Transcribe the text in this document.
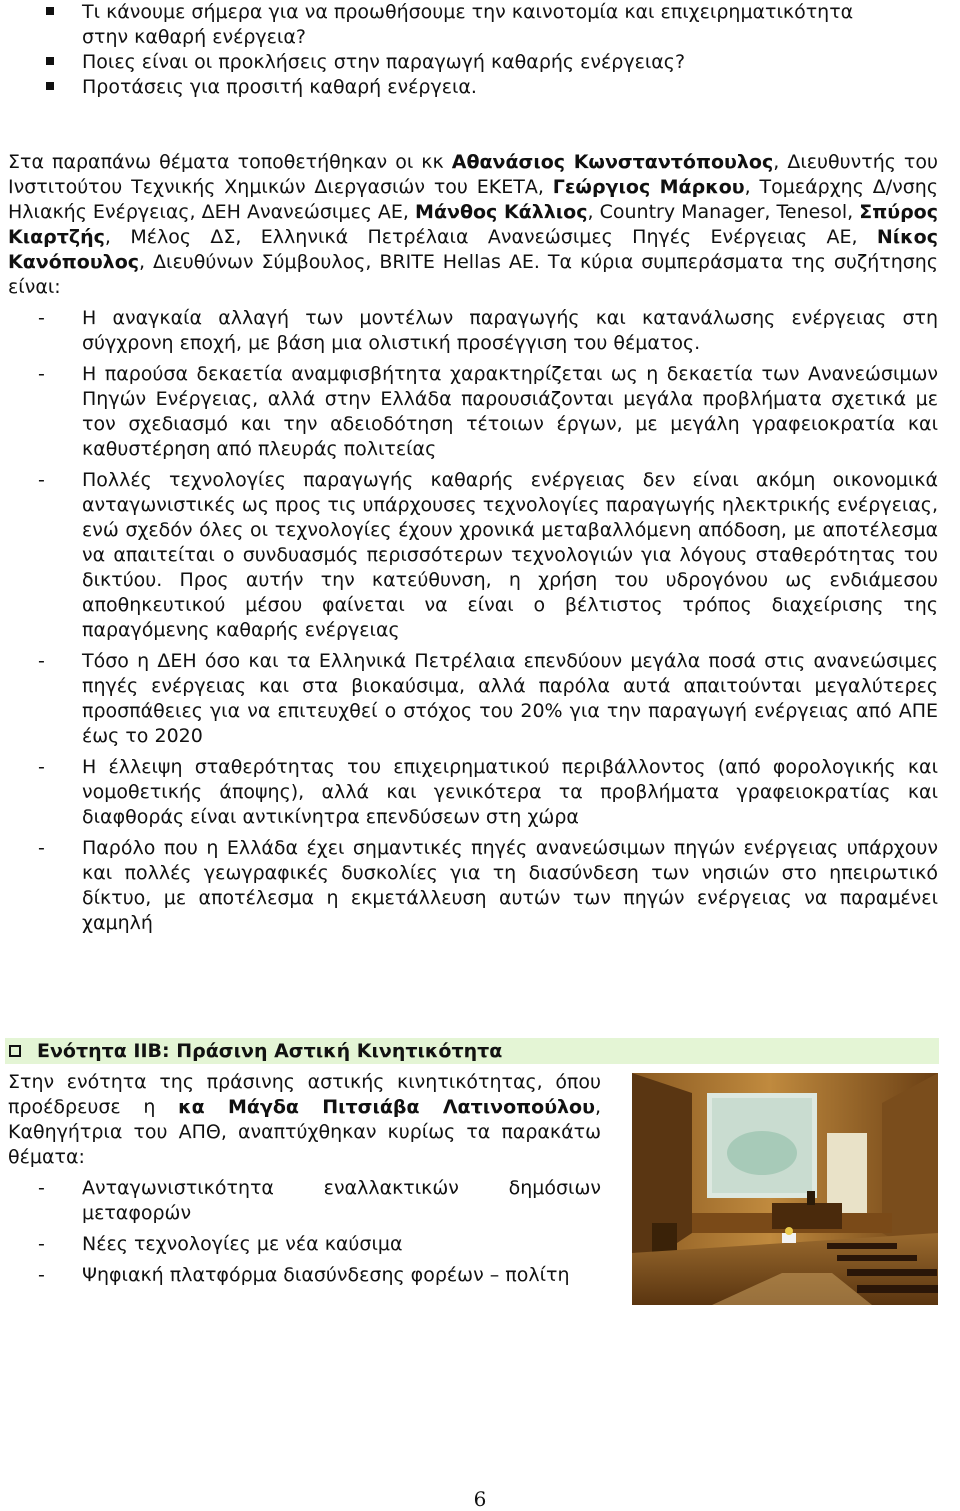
Τι κάνουμε σήμερα για να προωθήσουμε την καινοτομία και επιχειρηματικότητα
στην καθαρή ενέργεια?
Ποιες είναι οι προκλήσεις στην παραγωγή καθαρής ενέργειας?
Προτάσεις για προσιτή καθαρή ενέργεια.

Στα παραπάνω θέματα τοποθετήθηκαν οι κκ Αθανάσιος Κωνσταντόπουλος, Διευθυντής του Ινστιτούτου Τεχνικής Χημικών Διεργασιών του ΕΚΕΤΑ, Γεώργιος Μάρκου, Τομεάρχης Δ/νσης Ηλιακής Ενέργειας, ΔΕΗ Ανανεώσιμες ΑΕ, Μάνθος Κάλλιος, Country Manager, Tenesol, Σπύρος Κιαρτζής, Μέλος ΔΣ, Ελληνικά Πετρέλαια Ανανεώσιμες Πηγές Ενέργειας ΑΕ, Νίκος Κανόπουλος, Διευθύνων Σύμβουλος, BRITE Hellas AE. Τα κύρια συμπεράσματα της συζήτησης είναι:

- Η αναγκαία αλλαγή των μοντέλων παραγωγής και κατανάλωσης ενέργειας στη σύγχρονη εποχή, με βάση μια ολιστική προσέγγιση του θέματος.
- Η παρούσα δεκαετία αναμφισβήτητα χαρακτηρίζεται ως η δεκαετία των Ανανεώσιμων Πηγών Ενέργειας, αλλά στην Ελλάδα παρουσιάζονται μεγάλα προβλήματα σχετικά με τον σχεδιασμό και την αδειοδότηση τέτοιων έργων, με μεγάλη γραφειοκρατία και καθυστέρηση από πλευράς πολιτείας
- Πολλές τεχνολογίες παραγωγής καθαρής ενέργειας δεν είναι ακόμη οικονομικά ανταγωνιστικές ως προς τις υπάρχουσες τεχνολογίες παραγωγής ηλεκτρικής ενέργειας, ενώ σχεδόν όλες οι τεχνολογίες έχουν χρονικά μεταβαλλόμενη απόδοση, με αποτέλεσμα να απαιτείται ο συνδυασμός περισσότερων τεχνολογιών για λόγους σταθερότητας του δικτύου. Προς αυτήν την κατεύθυνση, η χρήση του υδρογόνου ως ενδιάμεσου αποθηκευτικού μέσου φαίνεται να είναι ο βέλτιστος τρόπος διαχείρισης της παραγόμενης καθαρής ενέργειας
- Τόσο η ΔΕΗ όσο και τα Ελληνικά Πετρέλαια επενδύουν μεγάλα ποσά στις ανανεώσιμες πηγές ενέργειας και στα βιοκαύσιμα, αλλά παρόλα αυτά απαιτούνται μεγαλύτερες προσπάθειες για να επιτευχθεί ο στόχος του 20% για την παραγωγή ενέργειας από ΑΠΕ έως το 2020
- Η έλλειψη σταθερότητας του επιχειρηματικού περιβάλλοντος (από φορολογικής και νομοθετικής άποψης), αλλά και γενικότερα τα προβλήματα γραφειοκρατίας και διαφθοράς είναι αντικίνητρα επενδύσεων στη χώρα
- Παρόλο που η Ελλάδα έχει σημαντικές πηγές ανανεώσιμων πηγών ενέργειας υπάρχουν και πολλές γεωγραφικές δυσκολίες για τη διασύνδεση των νησιών στο ηπειρωτικό δίκτυο, με αποτέλεσμα η εκμετάλλευση αυτών των πηγών ενέργειας να παραμένει χαμηλή
Ενότητα ΙΙΒ: Πράσινη Αστική Κινητικότητα

Στην ενότητα της πράσινης αστικής κινητικότητας, όπου προέδρευσε η κα Μάγδα Πιτσιάβα Λατινοπούλου, Καθηγήτρια του ΑΠΘ, αναπτύχθηκαν κυρίως τα παρακάτω θέματα:

- Ανταγωνιστικότητα εναλλακτικών δημόσιων μεταφορών
- Νέες τεχνολογίες με νέα καύσιμα
- Ψηφιακή πλατφόρμα διασύνδεσης φορέων – πολίτη
6
